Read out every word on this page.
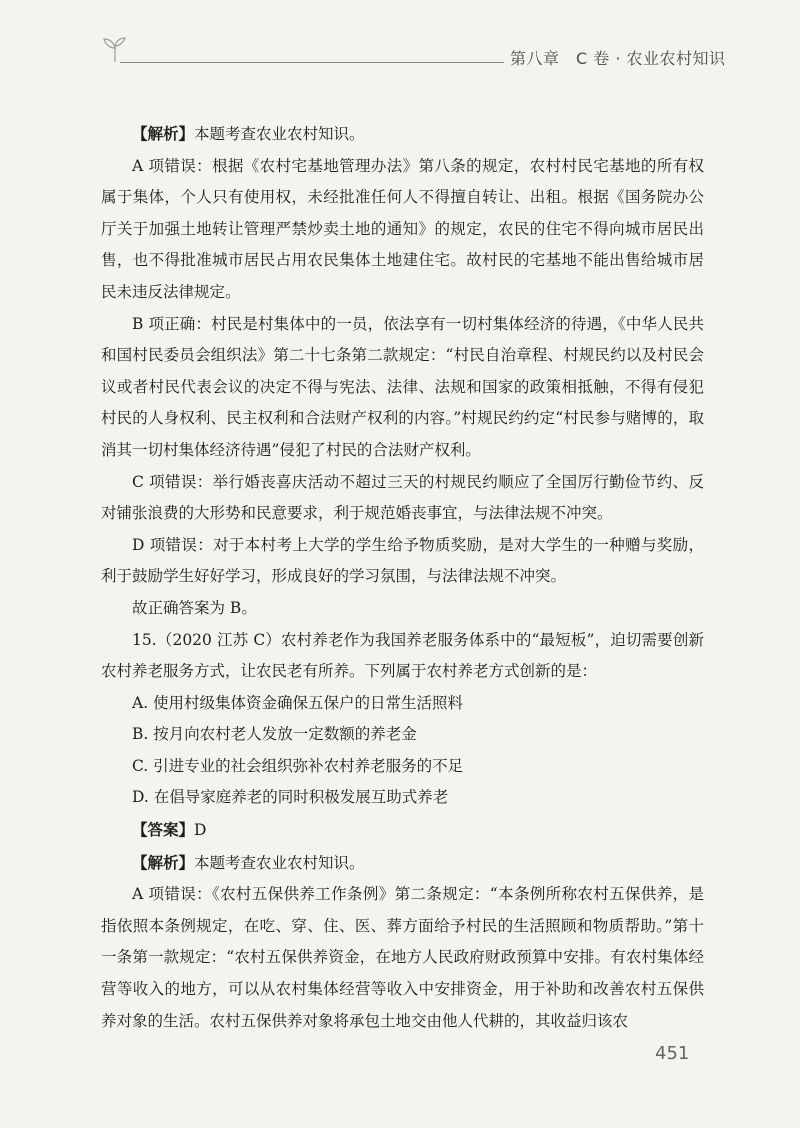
第八章　C 卷 · 农业农村知识

【解析】本题考查农业农村知识。

A 项错误：根据《农村宅基地管理办法》第八条的规定，农村村民宅基地的所有权属于集体，个人只有使用权，未经批准任何人不得擅自转让、出租。根据《国务院办公厅关于加强土地转让管理严禁炒卖土地的通知》的规定，农民的住宅不得向城市居民出售，也不得批准城市居民占用农民集体土地建住宅。故村民的宅基地不能出售给城市居民未违反法律规定。

B 项正确：村民是村集体中的一员，依法享有一切村集体经济的待遇，《中华人民共和国村民委员会组织法》第二十七条第二款规定：“村民自治章程、村规民约以及村民会议或者村民代表会议的决定不得与宪法、法律、法规和国家的政策相抵触，不得有侵犯村民的人身权利、民主权利和合法财产权利的内容。”村规民约约定“村民参与赌博的，取消其一切村集体经济待遇”侵犯了村民的合法财产权利。

C 项错误：举行婚丧喜庆活动不超过三天的村规民约顺应了全国厉行勤俭节约、反对铺张浪费的大形势和民意要求，利于规范婚丧事宜，与法律法规不冲突。

D 项错误：对于本村考上大学的学生给予物质奖励，是对大学生的一种赠与奖励，利于鼓励学生好好学习，形成良好的学习氛围，与法律法规不冲突。

故正确答案为 B。

15.（2020 江苏 C）农村养老作为我国养老服务体系中的“最短板”，迫切需要创新农村养老服务方式，让农民老有所养。下列属于农村养老方式创新的是：

A. 使用村级集体资金确保五保户的日常生活照料

B. 按月向农村老人发放一定数额的养老金

C. 引进专业的社会组织弥补农村养老服务的不足

D. 在倡导家庭养老的同时积极发展互助式养老

【答案】D

【解析】本题考查农业农村知识。

A 项错误：《农村五保供养工作条例》第二条规定：“本条例所称农村五保供养，是指依照本条例规定，在吃、穿、住、医、葬方面给予村民的生活照顾和物质帮助。”第十一条第一款规定：“农村五保供养资金，在地方人民政府财政预算中安排。有农村集体经营等收入的地方，可以从农村集体经营等收入中安排资金，用于补助和改善农村五保供养对象的生活。农村五保供养对象将承包土地交由他人代耕的，其收益归该农

451
